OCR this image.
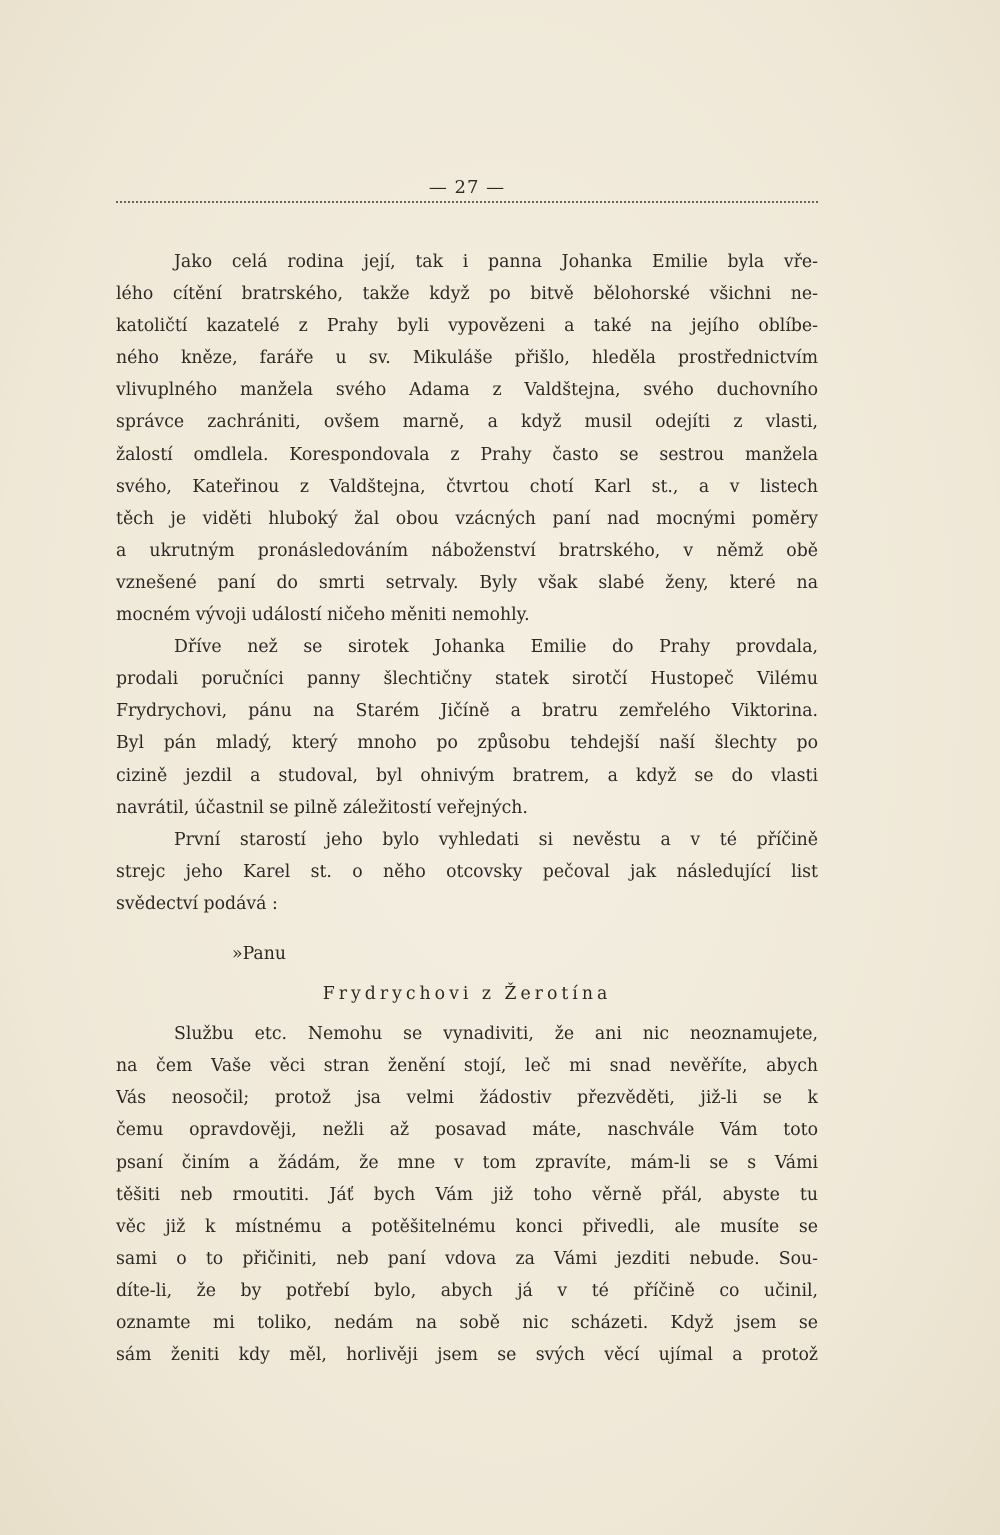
— 27 —
Jako celá rodina její, tak i panna Johanka Emilie byla vře-
lého cítění bratrského, takže když po bitvě bělohorské všichni ne-
katoličtí kazatelé z Prahy byli vypovězeni a také na jejího oblíbe-
ného kněze, faráře u sv. Mikuláše přišlo, hleděla prostřednictvím
vlivuplného manžela svého Adama z Valdštejna, svého duchovního
správce zachrániti, ovšem marně, a když musil odejíti z vlasti,
žalostí omdlela. Korespondovala z Prahy často se sestrou manžela
svého, Kateřinou z Valdštejna, čtvrtou chotí Karl st., a v listech
těch je viděti hluboký žal obou vzácných paní nad mocnými poměry
a ukrutným pronásledováním náboženství bratrského, v němž obě
vznešené paní do smrti setrvaly. Byly však slabé ženy, které na
mocném vývoji událostí ničeho měniti nemohly.
Dříve než se sirotek Johanka Emilie do Prahy provdala,
prodali poručníci panny šlechtičny statek sirotčí Hustopeč Vilému
Frydrychovi, pánu na Starém Jičíně a bratru zemřelého Viktorina.
Byl pán mladý, který mnoho po způsobu tehdejší naší šlechty po
cizině jezdil a studoval, byl ohnivým bratrem, a když se do vlasti
navrátil, účastnil se pilně záležitostí veřejných.
První starostí jeho bylo vyhledati si nevěstu a v té příčině
strejc jeho Karel st. o něho otcovsky pečoval jak následující list
svědectví podává :
»Panu
Frydrychovi z Žerotína
Službu etc. Nemohu se vynadiviti, že ani nic neoznamujete,
na čem Vaše věci stran ženění stojí, leč mi snad nevěříte, abych
Vás neosočil; protož jsa velmi žádostiv přezvěděti, již-li se k
čemu opravdověji, nežli až posavad máte, naschvále Vám toto
psaní činím a žádám, že mne v tom zpravíte, mám-li se s Vámi
těšiti neb rmoutiti. Jáť bych Vám již toho věrně přál, abyste tu
věc již k místnému a potěšitelnému konci přivedli, ale musíte se
sami o to přičiniti, neb paní vdova za Vámi jezditi nebude. Sou-
díte-li, že by potřebí bylo, abych já v té příčině co učinil,
oznamte mi toliko, nedám na sobě nic scházeti. Když jsem se
sám ženiti kdy měl, horlivěji jsem se svých věcí ujímal a protož
